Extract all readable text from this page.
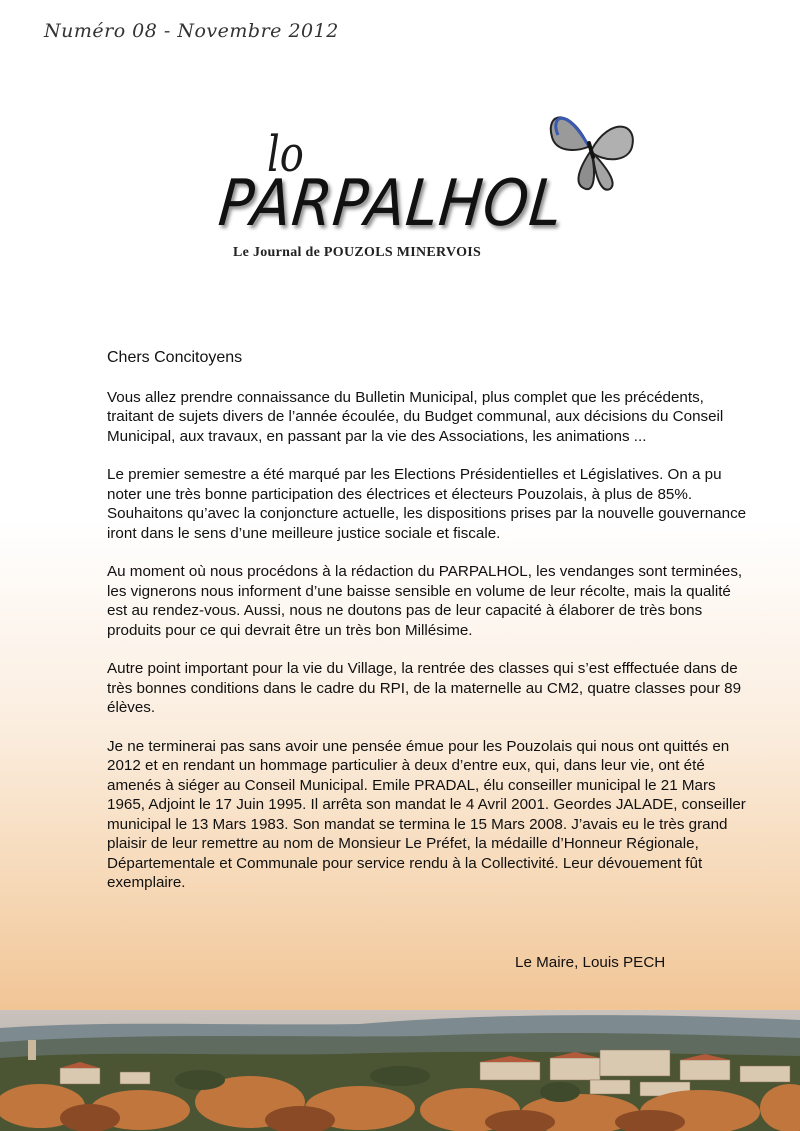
Numéro 08 - Novembre 2012
lo
PARPALHOL
Le Journal de POUZOLS MINERVOIS

Chers Concitoyens

Vous allez prendre connaissance du Bulletin Municipal, plus complet que les précédents, traitant de sujets divers de l’année écoulée, du Budget communal, aux décisions du Conseil Municipal, aux travaux, en passant par la vie des Associations, les animations ...

Le premier semestre a été marqué par les Elections Présidentielles et Législatives. On a pu noter une très bonne participation des électrices et électeurs Pouzolais, à plus de 85%. Souhaitons qu’avec la conjoncture actuelle, les dispositions prises par la nouvelle gouvernance iront dans le sens d’une meilleure justice sociale et fiscale.

Au moment où nous procédons à la rédaction du PARPALHOL, les vendanges sont terminées, les vignerons nous informent d’une baisse sensible en volume de leur récolte, mais la qualité est au rendez-vous. Aussi, nous ne doutons pas de leur capacité à élaborer de très bons produits pour ce qui devrait être un très bon Millésime.

Autre point important pour la vie du Village, la rentrée des classes qui s’est efffectuée dans de très bonnes conditions dans le cadre du RPI, de la maternelle au CM2, quatre classes pour 89 élèves.

Je ne terminerai pas sans avoir une pensée émue pour les Pouzolais qui nous ont quittés en 2012 et en rendant un hommage particulier à deux d’entre eux, qui, dans leur vie, ont été amenés à siéger au Conseil Municipal. Emile PRADAL, élu conseiller municipal le 21 Mars 1965, Adjoint le 17 Juin 1995. Il arrêta son mandat le 4 Avril 2001. Geordes JALADE, conseiller municipal le 13 Mars 1983. Son mandat se termina le 15 Mars 2008. J’avais eu le très grand plaisir de leur remettre au nom de Monsieur Le Préfet, la médaille d’Honneur Régionale, Départementale et Communale pour service rendu à la Collectivité. Leur dévouement fût exemplaire.

Le Maire, Louis PECH
